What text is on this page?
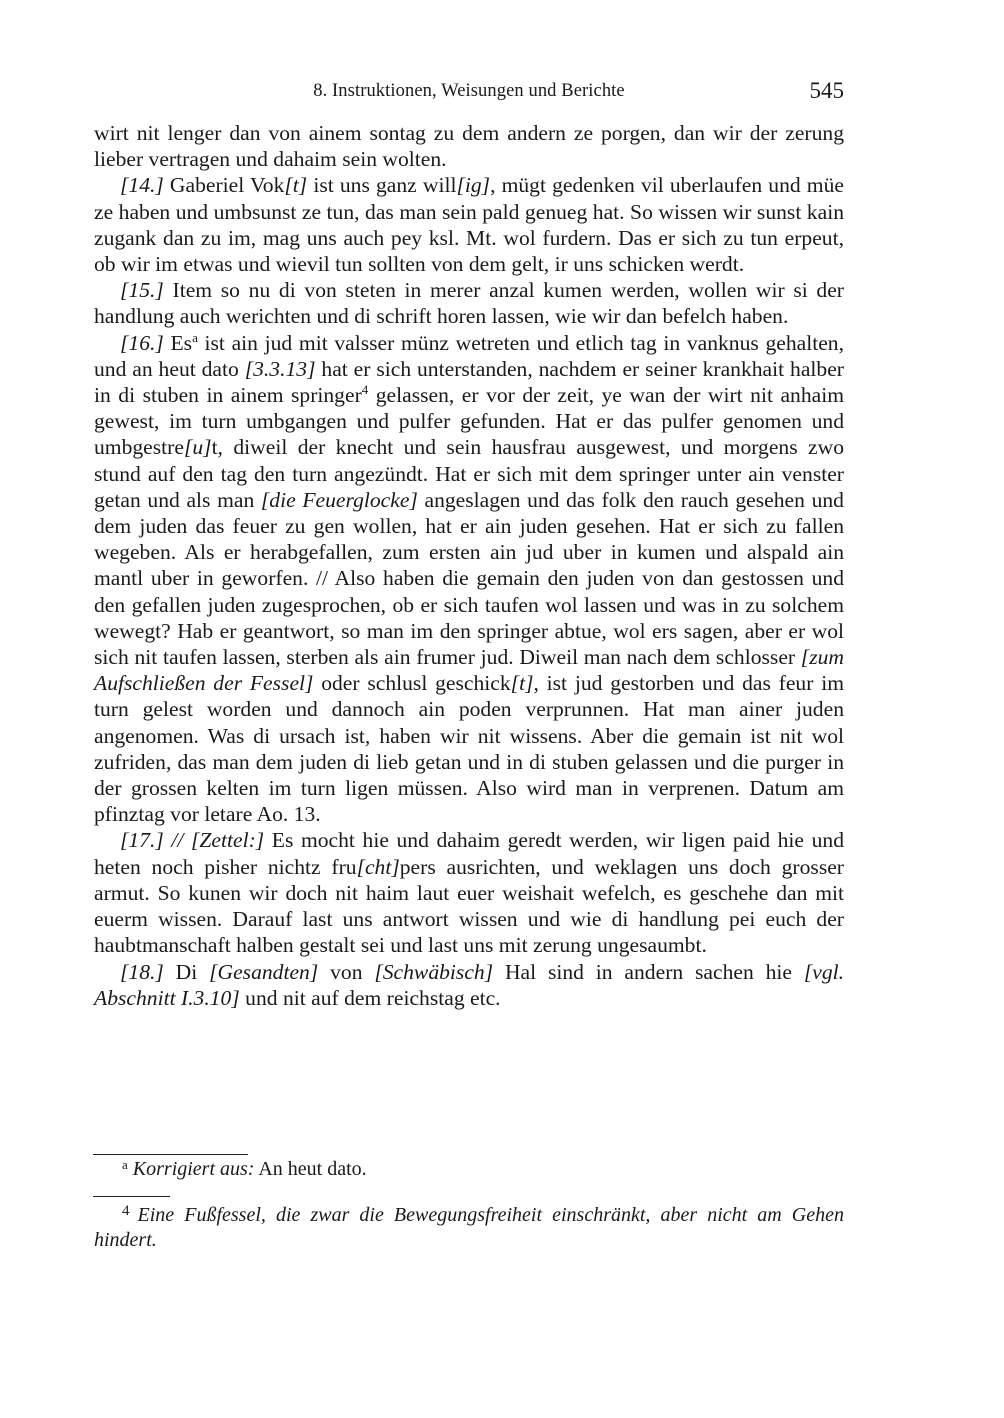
8. Instruktionen, Weisungen und Berichte	545

wirt nit lenger dan von ainem sontag zu dem andern ze porgen, dan wir der zerung lieber vertragen und dahaim sein wolten.

[14.] Gaberiel Vok[t] ist uns ganz will[ig], mügt gedenken vil uberlaufen und müe ze haben und umbsunst ze tun, das man sein pald genueg hat. So wissen wir sunst kain zugank dan zu im, mag uns auch pey ksl. Mt. wol furdern. Das er sich zu tun erpeut, ob wir im etwas und wievil tun sollten von dem gelt, ir uns schicken werdt.

[15.] Item so nu di von steten in merer anzal kumen werden, wollen wir si der handlung auch werichten und di schrift horen lassen, wie wir dan befelch haben.

[16.] Es$^a$ ist ain jud mit valsser münz wetreten und etlich tag in vanknus gehalten, und an heut dato [3.3.13] hat er sich unterstanden, nachdem er seiner krankhait halber in di stuben in ainem springer$^4$ gelassen, er vor der zeit, ye wan der wirt nit anhaim gewest, im turn umbgangen und pulfer gefunden. Hat er das pulfer genomen und umbgestre[u]t, diweil der knecht und sein hausfrau ausgewest, und morgens zwo stund auf den tag den turn angezündt. Hat er sich mit dem springer unter ain venster getan und als man [die Feuerglocke] angeslagen und das folk den rauch gesehen und dem juden das feuer zu gen wollen, hat er ain juden gesehen. Hat er sich zu fallen wegeben. Als er herabgefallen, zum ersten ain jud uber in kumen und alspald ain mantl uber in geworfen. // Also haben die gemain den juden von dan gestossen und den gefallen juden zugesprochen, ob er sich taufen wol lassen und was in zu solchem wewegt? Hab er geantwort, so man im den springer abtue, wol ers sagen, aber er wol sich nit taufen lassen, sterben als ain frumer jud. Diweil man nach dem schlosser [zum Aufschließen der Fessel] oder schlusl geschick[t], ist jud gestorben und das feur im turn gelest worden und dannoch ain poden verprunnen. Hat man ainer juden angenomen. Was di ursach ist, haben wir nit wissens. Aber die gemain ist nit wol zufriden, das man dem juden di lieb getan und in di stuben gelassen und die purger in der grossen kelten im turn ligen müssen. Also wird man in verprenen. Datum am pfinztag vor letare Ao. 13.

[17.] // [Zettel:] Es mocht hie und dahaim geredt werden, wir ligen paid hie und heten noch pisher nichtz fru[cht]pers ausrichten, und weklagen uns doch grosser armut. So kunen wir doch nit haim laut euer weishait wefelch, es geschehe dan mit euerm wissen. Darauf last uns antwort wissen und wie di handlung pei euch der haubtmanschaft halben gestalt sei und last uns mit zerung ungesaumbt.

[18.] Di [Gesandten] von [Schwäbisch] Hal sind in andern sachen hie [vgl. Abschnitt I.3.10] und nit auf dem reichstag etc.

$^a$ Korrigiert aus: An heut dato.
$^4$ Eine Fußfessel, die zwar die Bewegungsfreiheit einschränkt, aber nicht am Gehen hindert.
